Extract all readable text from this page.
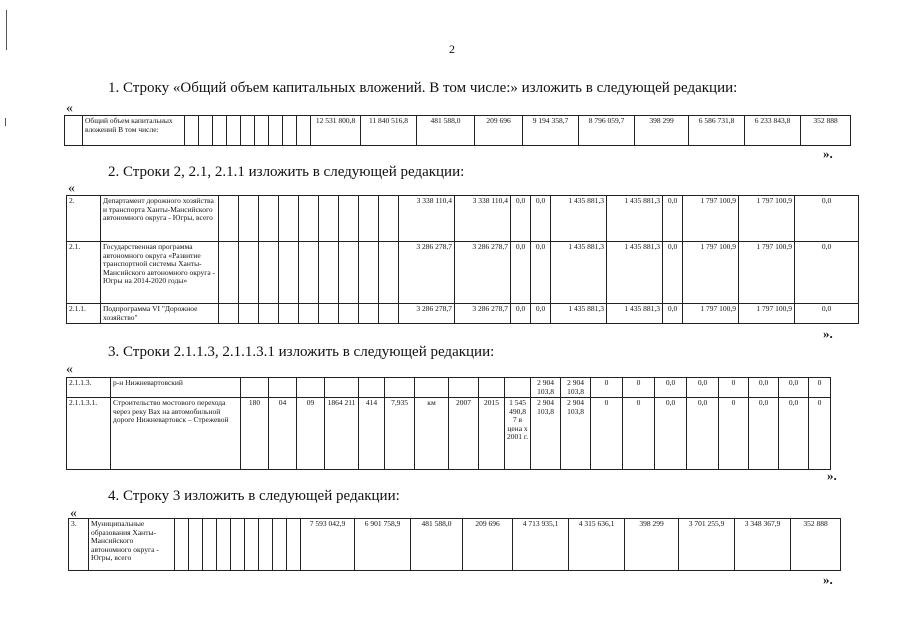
2
1. Строку «Общий объем капитальных вложений. В том числе:» изложить в следующей редакции:
«
	Общий объем капитальных вложений В том числе:										12 531 800,8	11 840 516,8	481 588,0	209 696	9 194 358,7	8 796 059,7	398 299	6 586 731,8	6 233 843,8	352 888
».
2. Строки 2, 2.1, 2.1.1 изложить в следующей редакции:
«
2.	Департамент дорожного хозяйства и транспорта Ханты-Мансийского автономного округа - Югры, всего										3 338 110,4	3 338 110,4	0,0	0,0	1 435 881,3	1 435 881,3	0,0	1 797 100,9	1 797 100,9	0,0
2.1.	Государственная программа автономного округа «Развитие транспортной системы Ханты-Мансийского автономного округа - Югры на 2014-2020 годы»										3 286 278,7	3 286 278,7	0,0	0,0	1 435 881,3	1 435 881,3	0,0	1 797 100,9	1 797 100,9	0,0
2.1.1.	Подпрограмма VI "Дорожное хозяйство"										3 286 278,7	3 286 278,7	0,0	0,0	1 435 881,3	1 435 881,3	0,0	1 797 100,9	1 797 100,9	0,0
».
3. Строки 2.1.1.3, 2.1.1.3.1 изложить в следующей редакции:
«
2.1.1.3.	р-н Нижневартовский											2 904 103,8	2 904 103,8	0	0	0,0	0,0	0	0,0	0,0	0
2.1.1.3.1.	Строительство мостового перехода через реку Вах на автомобильной дороге Нижневартовск – Стрежевой	180	04	09	1864 211	414	7,935	км	2007	2015	1 545 490,8 7 в цена х 2001 г.	2 904 103,8	2 904 103,8	0	0	0,0	0,0	0	0,0	0,0	0
».
4. Строку 3 изложить в следующей редакции:
«
3.	Муниципальные образования Ханты-Мансийского автономного округа - Югры, всего										7 593 042,9	6 901 758,9	481 588,0	209 696	4 713 935,1	4 315 636,1	398 299	3 701 255,9	3 348 367,9	352 888
».
